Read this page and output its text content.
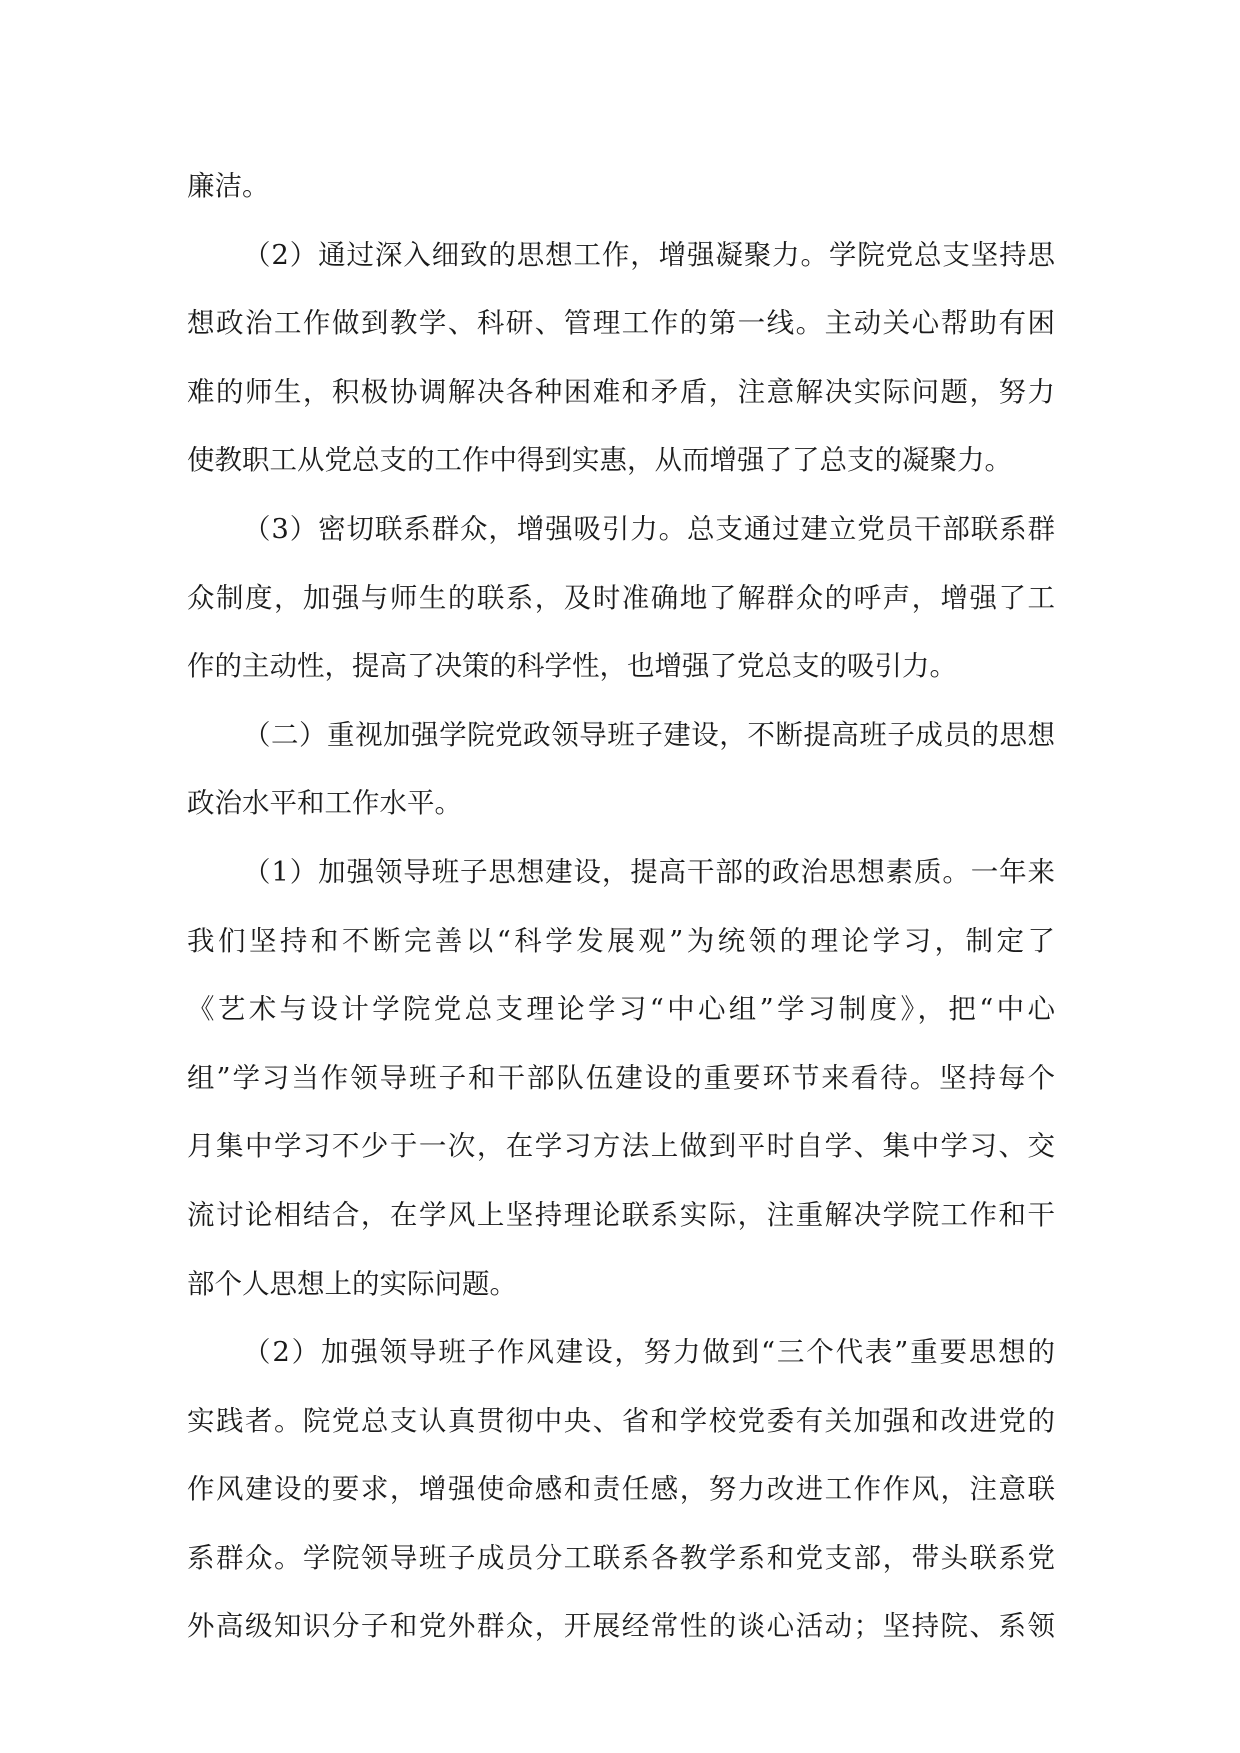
廉洁。
（2）通过深入细致的思想工作，增强凝聚力。学院党总支坚持思
想政治工作做到教学、科研、管理工作的第一线。主动关心帮助有困
难的师生，积极协调解决各种困难和矛盾，注意解决实际问题，努力
使教职工从党总支的工作中得到实惠，从而增强了了总支的凝聚力。
（3）密切联系群众，增强吸引力。总支通过建立党员干部联系群
众制度，加强与师生的联系，及时准确地了解群众的呼声，增强了工
作的主动性，提高了决策的科学性，也增强了党总支的吸引力。
（二）重视加强学院党政领导班子建设，不断提高班子成员的思想
政治水平和工作水平。
（1）加强领导班子思想建设，提高干部的政治思想素质。一年来
我们坚持和不断完善以“科学发展观”为统领的理论学习，制定了
《艺术与设计学院党总支理论学习“中心组”学习制度》，把“中心
组”学习当作领导班子和干部队伍建设的重要环节来看待。坚持每个
月集中学习不少于一次，在学习方法上做到平时自学、集中学习、交
流讨论相结合，在学风上坚持理论联系实际，注重解决学院工作和干
部个人思想上的实际问题。
（2）加强领导班子作风建设，努力做到“三个代表”重要思想的
实践者。院党总支认真贯彻中央、省和学校党委有关加强和改进党的
作风建设的要求，增强使命感和责任感，努力改进工作作风，注意联
系群众。学院领导班子成员分工联系各教学系和党支部，带头联系党
外高级知识分子和党外群众，开展经常性的谈心活动；坚持院、系领
